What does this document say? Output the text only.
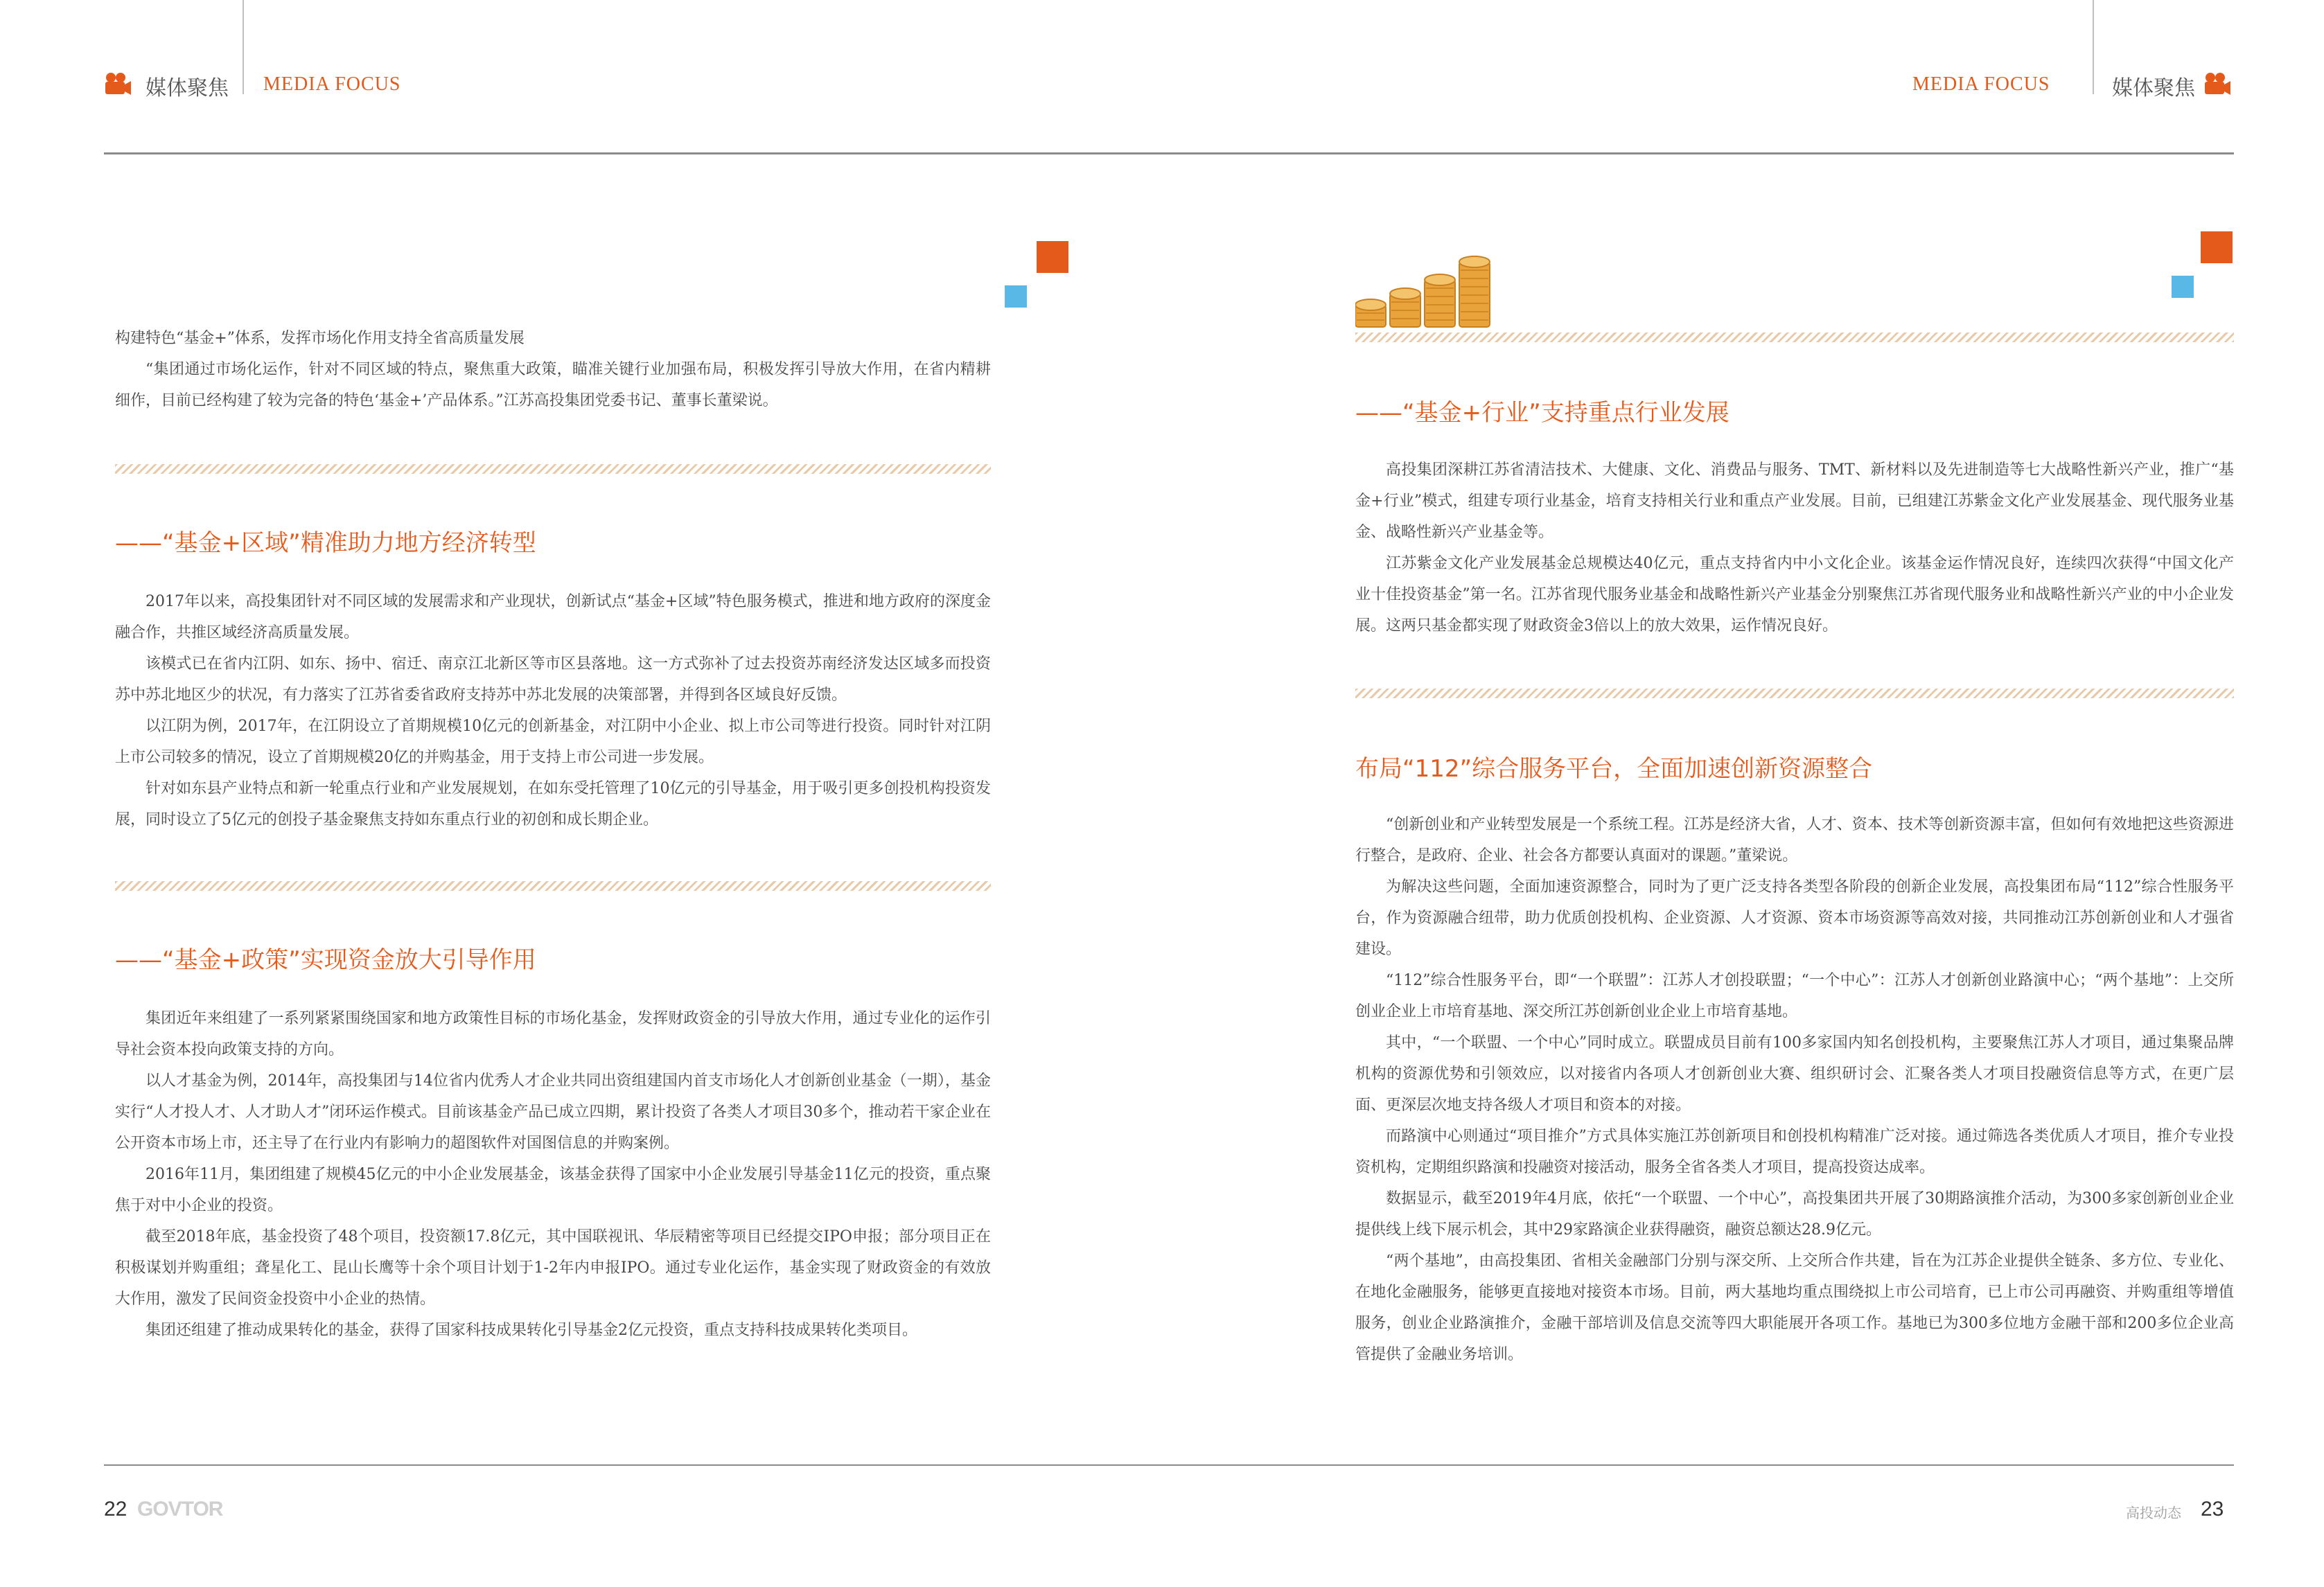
媒体聚焦 MEDIA FOCUS	MEDIA FOCUS	媒体聚焦

构建特色“基金+”体系，发挥市场化作用支持全省高质量发展

“集团通过市场化运作，针对不同区域的特点，聚焦重大政策，瞄准关键行业加强布局，积极发挥引导放大作用，在省内精耕细作，目前已经构建了较为完备的特色‘基金+’产品体系。”江苏高投集团党委书记、董事长董梁说。

——“基金+区域”精准助力地方经济转型

2017年以来，高投集团针对不同区域的发展需求和产业现状，创新试点“基金+区域”特色服务模式，推进和地方政府的深度金融合作，共推区域经济高质量发展。

该模式已在省内江阴、如东、扬中、宿迁、南京江北新区等市区县落地。这一方式弥补了过去投资苏南经济发达区域多而投资苏中苏北地区少的状况，有力落实了江苏省委省政府支持苏中苏北发展的决策部署，并得到各区域良好反馈。

以江阴为例，2017年，在江阴设立了首期规模10亿元的创新基金，对江阴中小企业、拟上市公司等进行投资。同时针对江阴上市公司较多的情况，设立了首期规模20亿的并购基金，用于支持上市公司进一步发展。

针对如东县产业特点和新一轮重点行业和产业发展规划，在如东受托管理了10亿元的引导基金，用于吸引更多创投机构投资发展，同时设立了5亿元的创投子基金聚焦支持如东重点行业的初创和成长期企业。

——“基金+政策”实现资金放大引导作用

集团近年来组建了一系列紧紧围绕国家和地方政策性目标的市场化基金，发挥财政资金的引导放大作用，通过专业化的运作引导社会资本投向政策支持的方向。

以人才基金为例，2014年，高投集团与14位省内优秀人才企业共同出资组建国内首支市场化人才创新创业基金（一期），基金实行“人才投人才、人才助人才”闭环运作模式。目前该基金产品已成立四期，累计投资了各类人才项目30多个，推动若干家企业在公开资本市场上市，还主导了在行业内有影响力的超图软件对国图信息的并购案例。

2016年11月，集团组建了规模45亿元的中小企业发展基金，该基金获得了国家中小企业发展引导基金11亿元的投资，重点聚焦于对中小企业的投资。

截至2018年底，基金投资了48个项目，投资额17.8亿元，其中国联视讯、华辰精密等项目已经提交IPO申报；部分项目正在积极谋划并购重组；聋星化工、昆山长鹰等十余个项目计划于1-2年内申报IPO。通过专业化运作，基金实现了财政资金的有效放大作用，激发了民间资金投资中小企业的热情。

集团还组建了推动成果转化的基金，获得了国家科技成果转化引导基金2亿元投资，重点支持科技成果转化类项目。

——“基金+行业”支持重点行业发展

高投集团深耕江苏省清洁技术、大健康、文化、消费品与服务、TMT、新材料以及先进制造等七大战略性新兴产业，推广“基金+行业”模式，组建专项行业基金，培育支持相关行业和重点产业发展。目前，已组建江苏紫金文化产业发展基金、现代服务业基金、战略性新兴产业基金等。

江苏紫金文化产业发展基金总规模达40亿元，重点支持省内中小文化企业。该基金运作情况良好，连续四次获得“中国文化产业十佳投资基金”第一名。江苏省现代服务业基金和战略性新兴产业基金分别聚焦江苏省现代服务业和战略性新兴产业的中小企业发展。这两只基金都实现了财政资金3倍以上的放大效果，运作情况良好。

布局“112”综合服务平台，全面加速创新资源整合

“创新创业和产业转型发展是一个系统工程。江苏是经济大省，人才、资本、技术等创新资源丰富，但如何有效地把这些资源进行整合，是政府、企业、社会各方都要认真面对的课题。”董梁说。

为解决这些问题，全面加速资源整合，同时为了更广泛支持各类型各阶段的创新企业发展，高投集团布局“112”综合性服务平台，作为资源融合纽带，助力优质创投机构、企业资源、人才资源、资本市场资源等高效对接，共同推动江苏创新创业和人才强省建设。

“112”综合性服务平台，即“一个联盟”：江苏人才创投联盟；“一个中心”：江苏人才创新创业路演中心；“两个基地”：上交所创业企业上市培育基地、深交所江苏创新创业企业上市培育基地。

其中，“一个联盟、一个中心”同时成立。联盟成员目前有100多家国内知名创投机构，主要聚焦江苏人才项目，通过集聚品牌机构的资源优势和引领效应，以对接省内各项人才创新创业大赛、组织研讨会、汇聚各类人才项目投融资信息等方式，在更广层面、更深层次地支持各级人才项目和资本的对接。

而路演中心则通过“项目推介”方式具体实施江苏创新项目和创投机构精准广泛对接。通过筛选各类优质人才项目，推介专业投资机构，定期组织路演和投融资对接活动，服务全省各类人才项目，提高投资达成率。

数据显示，截至2019年4月底，依托“一个联盟、一个中心”，高投集团共开展了30期路演推介活动，为300多家创新创业企业提供线上线下展示机会，其中29家路演企业获得融资，融资总额达28.9亿元。

“两个基地”，由高投集团、省相关金融部门分别与深交所、上交所合作共建，旨在为江苏企业提供全链条、多方位、专业化、在地化金融服务，能够更直接地对接资本市场。目前，两大基地均重点围绕拟上市公司培育，已上市公司再融资、并购重组等增值服务，创业企业路演推介，金融干部培训及信息交流等四大职能展开各项工作。基地已为300多位地方金融干部和200多位企业高管提供了金融业务培训。

22 GOVTOR	高投动态 23
